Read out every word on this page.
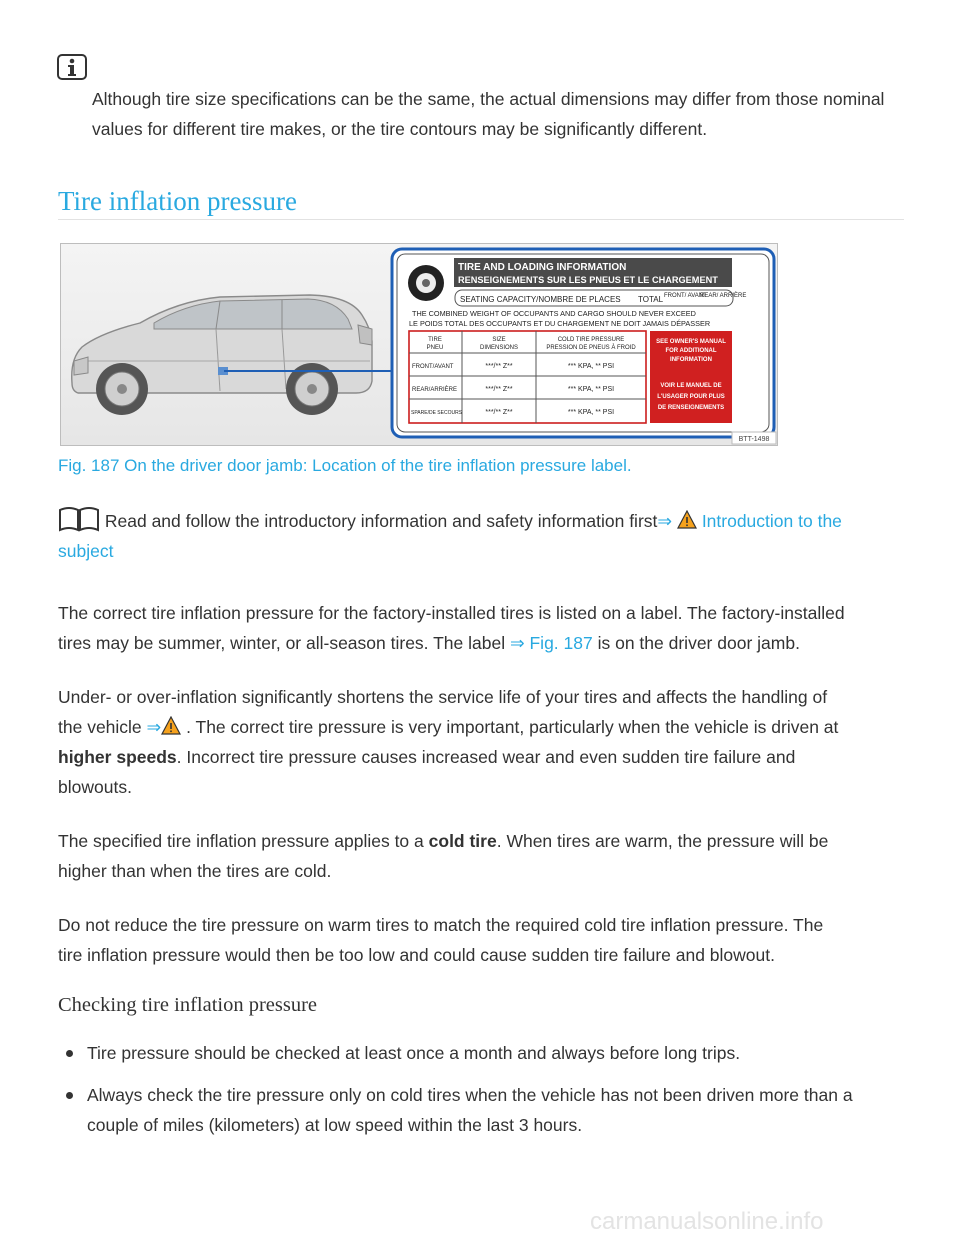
Although tire size specifications can be the same, the actual dimensions may differ from those nominal values for different tire makes, or the tire contours may be significantly different.
Tire inflation pressure
TIRE AND LOADING INFORMATION
RENSEIGNEMENTS SUR LES PNEUS ET LE CHARGEMENT
SEATING CAPACITY/NOMBRE DE PLACES TOTAL FRONT/ AVANT
REAR/ ARRIÈRE
THE COMBINED WEIGHT OF OCCUPANTS AND CARGO SHOULD NEVER EXCEED
LE POIDS TOTAL DES OCCUPANTS ET DU CHARGEMENT NE DOIT JAMAIS DÉPASSER
TIRE
PNEU
SIZE
DIMENSIONS
COLD TIRE PRESSURE
PRESSION DE PNEUS À FROID
FRONT/AVANT	***/** Z**	*** KPA, ** PSI
REAR/ARRIÈRE	***/** Z**	*** KPA, ** PSI
SPARE/DE SECOURS	***/** Z**	*** KPA, ** PSI
SEE OWNER'S MANUAL
FOR ADDITIONAL
INFORMATION
VOIR LE MANUEL DE
L'USAGER POUR PLUS
DE RENSEIGNEMENTS
BTT-1498
Fig. 187 On the driver door jamb: Location of the tire inflation pressure label.
Read and follow the introductory information and safety information first⇒ Introduction to the
subject
The correct tire inflation pressure for the factory-installed tires is listed on a label. The factory-installed
tires may be summer, winter, or all-season tires. The label ⇒ Fig. 187 is on the driver door jamb.
Under- or over-inflation significantly shortens the service life of your tires and affects the handling of
the vehicle ⇒ . The correct tire pressure is very important, particularly when the vehicle is driven at
higher speeds. Incorrect tire pressure causes increased wear and even sudden tire failure and
blowouts.
The specified tire inflation pressure applies to a cold tire. When tires are warm, the pressure will be
higher than when the tires are cold.
Do not reduce the tire pressure on warm tires to match the required cold tire inflation pressure. The
tire inflation pressure would then be too low and could cause sudden tire failure and blowout.
Checking tire inflation pressure
Tire pressure should be checked at least once a month and always before long trips.
Always check the tire pressure only on cold tires when the vehicle has not been driven more than a couple of miles (kilometers) at low speed within the last 3 hours.
carmanualsonline.info
